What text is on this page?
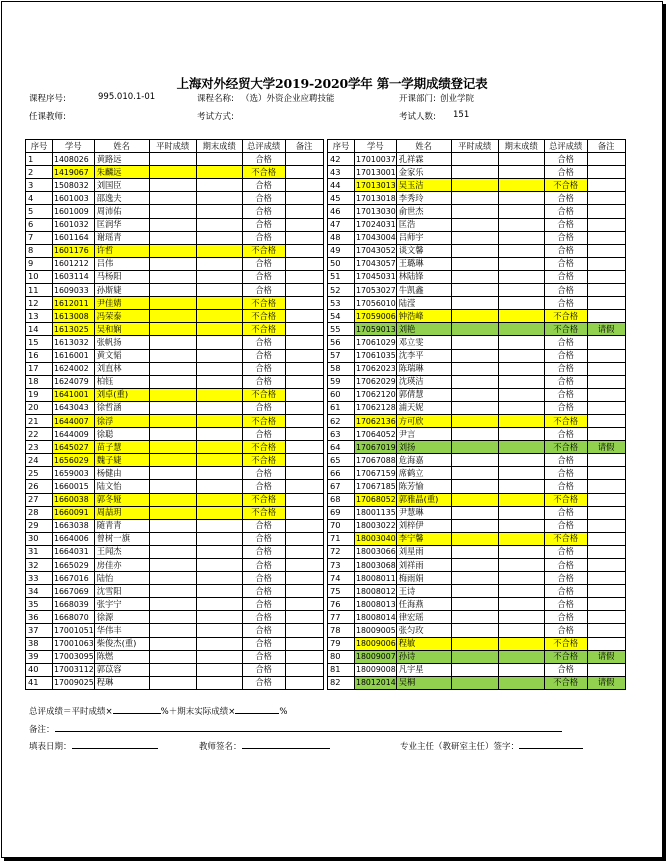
上海对外经贸大学2019-2020学年 第一学期成绩登记表
课程序号:	995.010.1-01	课程名称: （选）外资企业应聘技能	开课部门: 创业学院
任课教师:	考试方式:	考试人数: 151
序号	学号	姓名	平时成绩	期末成绩	总评成绩	备注
1	1408026	黄路远			合格	
2	1419067	朱麟远			不合格	
3	1508032	刘国臣			合格	
4	1601003	邵逸夫			合格	
5	1601009	周沛佑			合格	
6	1601032	匡润华			合格	
7	1601164	谢瑶青			合格	
8	1601176	许哲			不合格	
9	1601212	吕伟			合格	
10	1603114	马杨阳			合格	
11	1609033	孙斯婕			合格	
12	1612011	尹佳婧			不合格	
13	1613008	冯荣泰			不合格	
14	1613025	吴和娴			不合格	
15	1613032	张帆扬			合格	
16	1616001	黄文韬			合格	
17	1624002	刘直林			合格	
18	1624079	柏钰			合格	
19	1641001	刘卓(重)			不合格	
20	1643043	徐哲涵			合格	
21	1644007	徐浮			不合格	
22	1644009	徐聪			合格	
23	1645027	苗子慧			不合格	
24	1656029	魏子婕			不合格	
25	1659003	杨健由			合格	
26	1660015	陆文怡			合格	
27	1660038	郭冬娅			不合格	
28	1660091	周喆玥			不合格	
29	1663038	随青青			合格	
30	1664006	曾树一旗			合格	
31	1664031	王闻杰			合格	
32	1665029	房佳亦			合格	
33	1667016	陆怡			合格	
34	1667069	沈雪阳			合格	
35	1668039	张宇宁			合格	
36	1668070	徐源			合格	
37	17001051	华伟丰			合格	
38	17001063	柴俊杰(重)			合格	
39	17003095	陈燃			合格	
40	17003112	郭苡容			合格	
41	17009025	程琳			合格	
序号	学号	姓名	平时成绩	期末成绩	总评成绩	备注
42	17010037	孔祥霖			合格	
43	17013001	金家乐			合格	
44	17013013	吴玉洁			不合格	
45	17013018	李秀玲			合格	
46	17013030	俞世杰			合格	
47	17024031	匡浩			合格	
48	17043004	吕师宇			合格	
49	17043052	谈文馨			合格	
50	17043057	王璐琳			合格	
51	17045031	林陆锋			合格	
52	17053027	牛凯鑫			合格	
53	17056010	陆滢			合格	
54	17059006	钟浩峰			不合格	
55	17059013	刘艳			不合格	请假
56	17061029	邓立雯			合格	
57	17061035	沈李平			合格	
58	17062023	陈瑞琳			合格	
59	17062029	沈瑛洁			合格	
60	17062120	郭倩慧			合格	
61	17062128	浦天妮			合格	
62	17062136	方可欣			不合格	
63	17064052	尹言			合格	
64	17067019	刘扬			不合格	请假
65	17067088	危海嘉			合格	
66	17067159	席鹤立			合格	
67	17067185	陈芳愉			合格	
68	17068052	郭雅晶(重)			不合格	
69	18001135	尹慧琳			合格	
70	18003022	刘梓伊			合格	
71	18003040	李宁馨			不合格	
72	18003066	刘星雨			合格	
73	18003068	刘祥雨			合格	
74	18008011	梅雨娟			合格	
75	18008012	王诗			合格	
76	18008013	任海燕			合格	
77	18008014	律宏瑶			合格	
78	18009005	张匀玫			合格	
79	18009006	程敏			不合格	
80	18009007	孙诗			不合格	请假
81	18009008	凡宇星			合格	
82	18012014	吴桐			不合格	请假
总评成绩＝平时成绩×	%＋期末实际成绩×	%
备注：
填表日期：	教师签名：	专业主任（教研室主任）签字：
